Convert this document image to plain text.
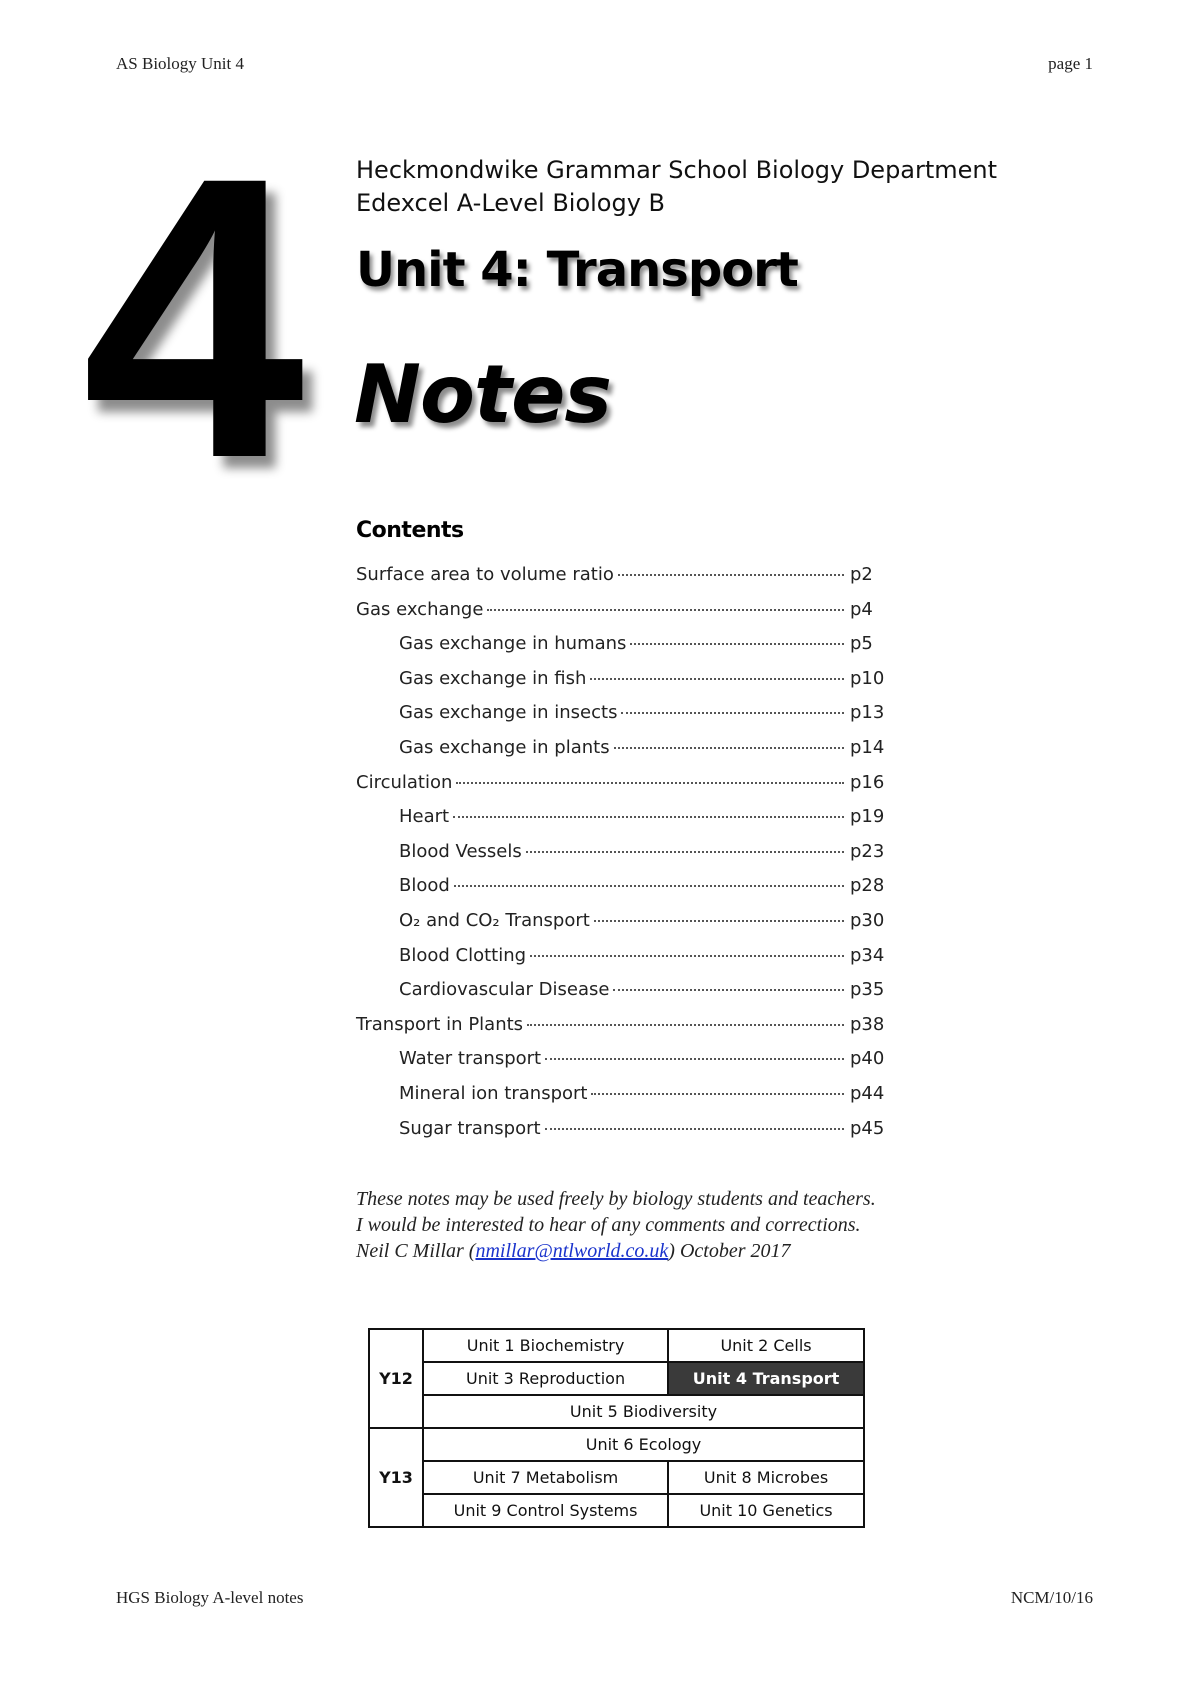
AS Biology Unit 4	page 1
4	Heckmondwike Grammar School Biology Department
Edexcel A-Level Biology B
Unit 4: Transport
Notes
Contents
Surface area to volume ratio	p2
Gas exchange	p4
Gas exchange in humans	p5
Gas exchange in fish	p10
Gas exchange in insects	p13
Gas exchange in plants	p14
Circulation	p16
Heart	p19
Blood Vessels	p23
Blood	p28
O₂ and CO₂ Transport	p30
Blood Clotting	p34
Cardiovascular Disease	p35
Transport in Plants	p38
Water transport	p40
Mineral ion transport	p44
Sugar transport	p45
These notes may be used freely by biology students and teachers.
I would be interested to hear of any comments and corrections.
Neil C Millar (nmillar@ntlworld.co.uk) October 2017
Y12	Unit 1 Biochemistry	Unit 2 Cells
	Unit 3 Reproduction	Unit 4 Transport
	Unit 5 Biodiversity	
Y13	Unit 6 Ecology	
	Unit 7 Metabolism	Unit 8 Microbes
	Unit 9 Control Systems	Unit 10 Genetics
HGS Biology A-level notes	NCM/10/16
